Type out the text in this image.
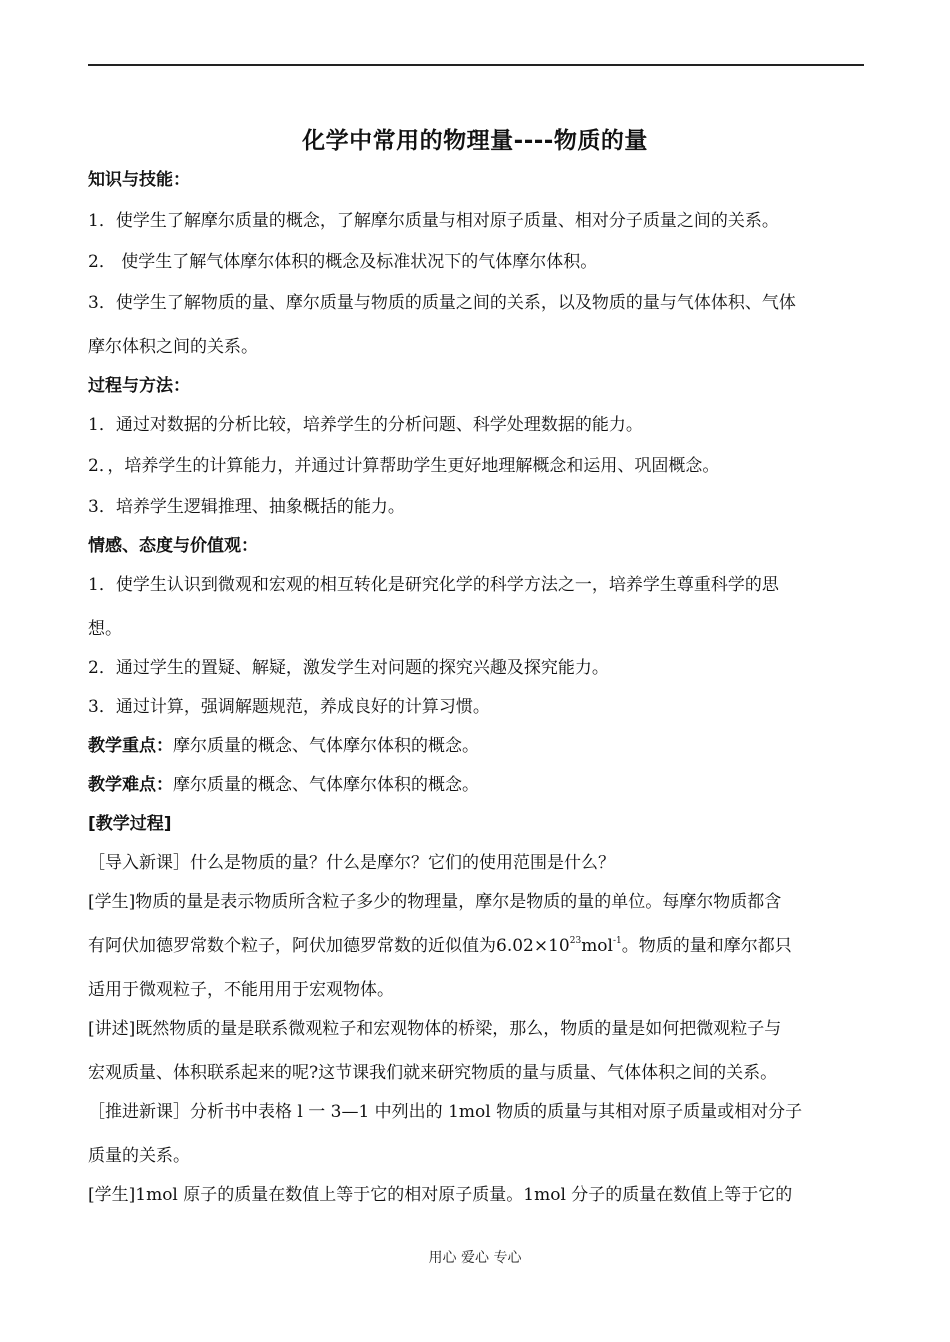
化学中常用的物理量----物质的量
知识与技能：
1．使学生了解摩尔质量的概念，了解摩尔质量与相对原子质量、相对分子质量之间的关系。
2． 使学生了解气体摩尔体积的概念及标准状况下的气体摩尔体积。
3．使学生了解物质的量、摩尔质量与物质的质量之间的关系，以及物质的量与气体体积、气体
摩尔体积之间的关系。
过程与方法：
1．通过对数据的分析比较，培养学生的分析问题、科学处理数据的能力。
2．，培养学生的计算能力，并通过计算帮助学生更好地理解概念和运用、巩固概念。
3．培养学生逻辑推理、抽象概括的能力。
情感、态度与价值观：
1．使学生认识到微观和宏观的相互转化是研究化学的科学方法之一，培养学生尊重科学的思
想。
2．通过学生的置疑、解疑，激发学生对问题的探究兴趣及探究能力。
3．通过计算，强调解题规范，养成良好的计算习惯。
教学重点：摩尔质量的概念、气体摩尔体积的概念。
教学难点：摩尔质量的概念、气体摩尔体积的概念。
[教学过程]
［导入新课］什么是物质的量？什么是摩尔？它们的使用范围是什么？
[学生]物质的量是表示物质所含粒子多少的物理量，摩尔是物质的量的单位。每摩尔物质都含
有阿伏加德罗常数个粒子，阿伏加德罗常数的近似值为$6.02\times 10^{23}mol^{-1}$。物质的量和摩尔都只
适用于微观粒子，不能用用于宏观物体。
[讲述]既然物质的量是联系微观粒子和宏观物体的桥梁，那么，物质的量是如何把微观粒子与
宏观质量、体积联系起来的呢?这节课我们就来研究物质的量与质量、气体体积之间的关系。
［推进新课］分析书中表格 l 一 3—1 中列出的 1mol 物质的质量与其相对原子质量或相对分子
质量的关系。
[学生]1mol 原子的质量在数值上等于它的相对原子质量。1mol 分子的质量在数值上等于它的
用心 爱心 专心
